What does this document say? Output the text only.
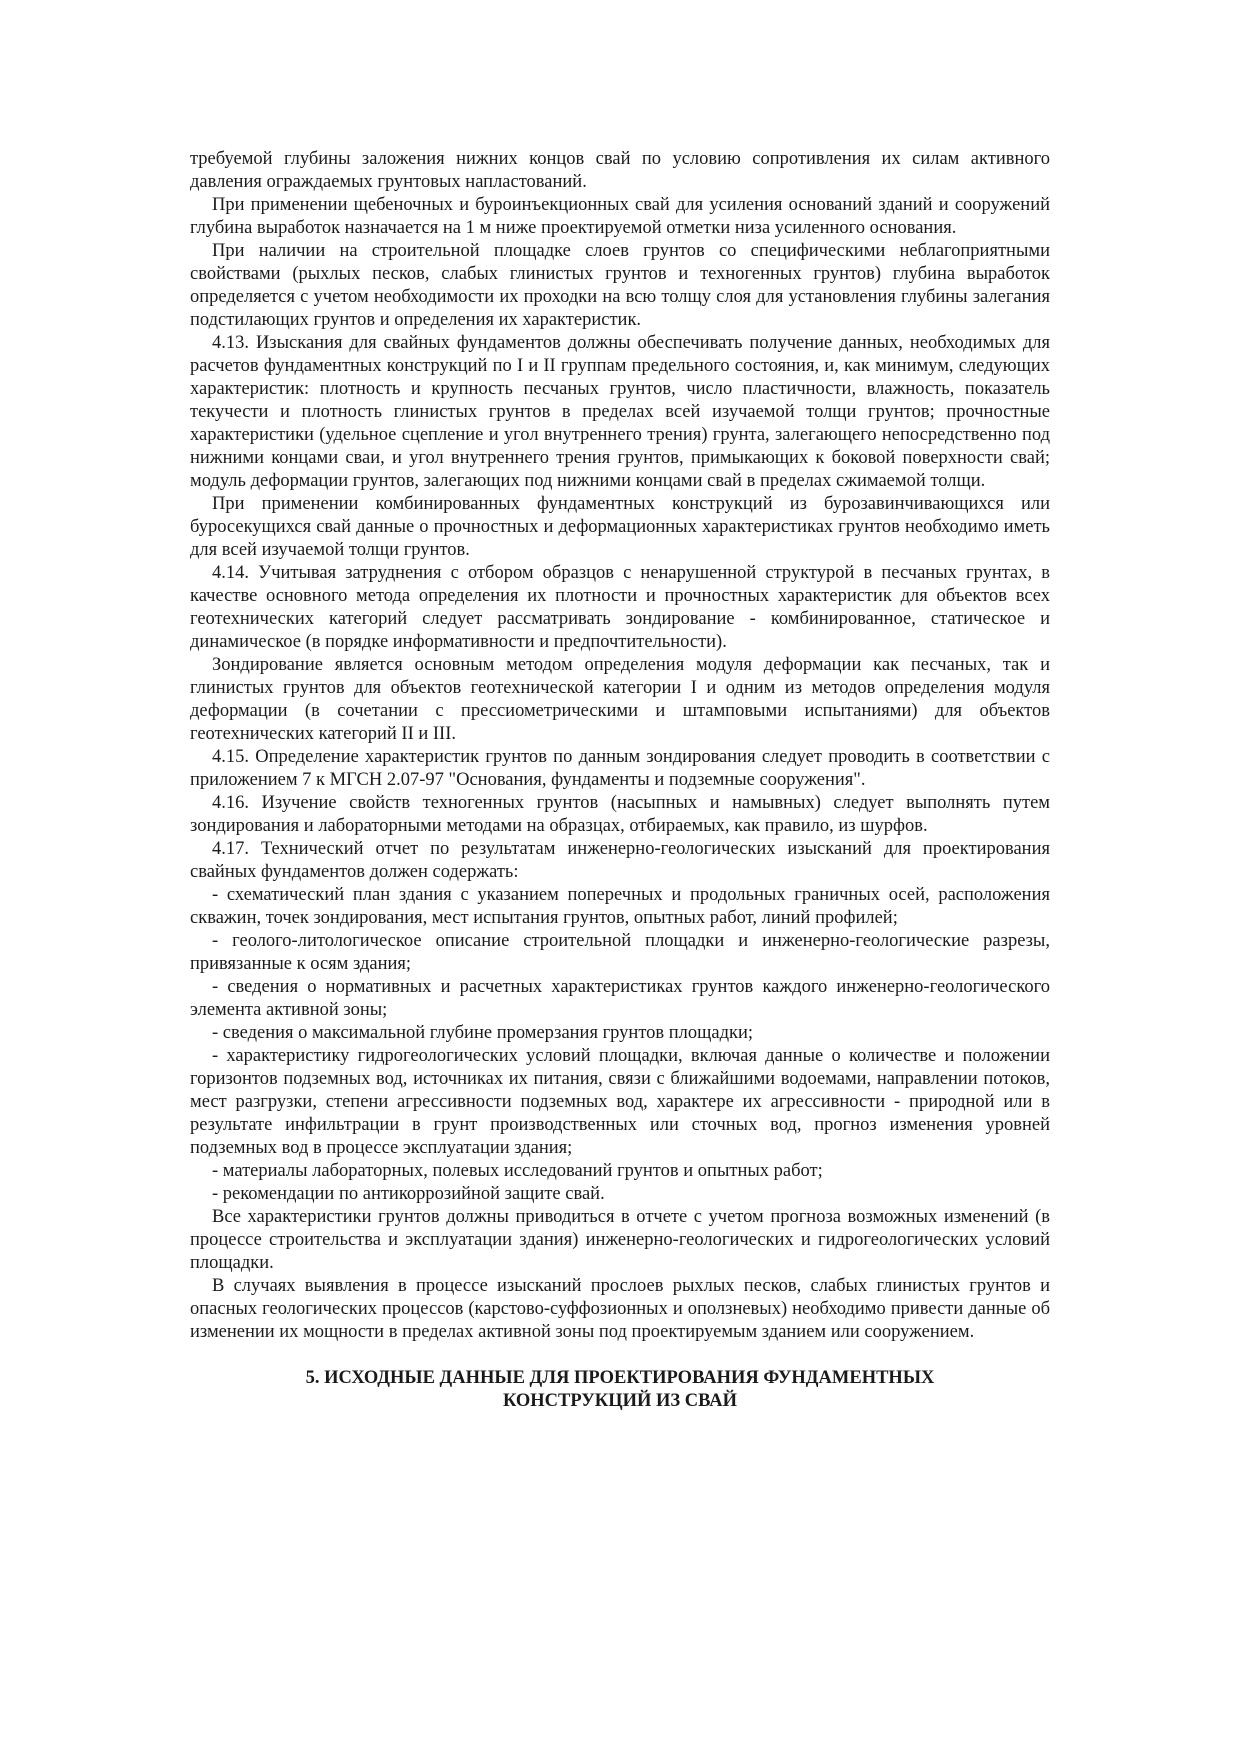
требуемой глубины заложения нижних концов свай по условию сопротивления их силам активного давления ограждаемых грунтовых напластований.

При применении щебеночных и буроинъекционных свай для усиления оснований зданий и сооружений глубина выработок назначается на 1 м ниже проектируемой отметки низа усиленного основания.

При наличии на строительной площадке слоев грунтов со специфическими неблагоприятными свойствами (рыхлых песков, слабых глинистых грунтов и техногенных грунтов) глубина выработок определяется с учетом необходимости их проходки на всю толщу слоя для установления глубины залегания подстилающих грунтов и определения их характеристик.

4.13. Изыскания для свайных фундаментов должны обеспечивать получение данных, необходимых для расчетов фундаментных конструкций по I и II группам предельного состояния, и, как минимум, следующих характеристик: плотность и крупность песчаных грунтов, число пластичности, влажность, показатель текучести и плотность глинистых грунтов в пределах всей изучаемой толщи грунтов; прочностные характеристики (удельное сцепление и угол внутреннего трения) грунта, залегающего непосредственно под нижними концами сваи, и угол внутреннего трения грунтов, примыкающих к боковой поверхности свай; модуль деформации грунтов, залегающих под нижними концами свай в пределах сжимаемой толщи.

При применении комбинированных фундаментных конструкций из бурозавинчивающихся или буросекущихся свай данные о прочностных и деформационных характеристиках грунтов необходимо иметь для всей изучаемой толщи грунтов.

4.14. Учитывая затруднения с отбором образцов с ненарушенной структурой в песчаных грунтах, в качестве основного метода определения их плотности и прочностных характеристик для объектов всех геотехнических категорий следует рассматривать зондирование - комбинированное, статическое и динамическое (в порядке информативности и предпочтительности).

Зондирование является основным методом определения модуля деформации как песчаных, так и глинистых грунтов для объектов геотехнической категории I и одним из методов определения модуля деформации (в сочетании с прессиометрическими и штамповыми испытаниями) для объектов геотехнических категорий II и III.

4.15. Определение характеристик грунтов по данным зондирования следует проводить в соответствии с приложением 7 к МГСН 2.07-97 "Основания, фундаменты и подземные сооружения".

4.16. Изучение свойств техногенных грунтов (насыпных и намывных) следует выполнять путем зондирования и лабораторными методами на образцах, отбираемых, как правило, из шурфов.

4.17. Технический отчет по результатам инженерно-геологических изысканий для проектирования свайных фундаментов должен содержать:

- схематический план здания с указанием поперечных и продольных граничных осей, расположения скважин, точек зондирования, мест испытания грунтов, опытных работ, линий профилей;

- геолого-литологическое описание строительной площадки и инженерно-геологические разрезы, привязанные к осям здания;

- сведения о нормативных и расчетных характеристиках грунтов каждого инженерно-геологического элемента активной зоны;

- сведения о максимальной глубине промерзания грунтов площадки;

- характеристику гидрогеологических условий площадки, включая данные о количестве и положении горизонтов подземных вод, источниках их питания, связи с ближайшими водоемами, направлении потоков, мест разгрузки, степени агрессивности подземных вод, характере их агрессивности - природной или в результате инфильтрации в грунт производственных или сточных вод, прогноз изменения уровней подземных вод в процессе эксплуатации здания;

- материалы лабораторных, полевых исследований грунтов и опытных работ;

- рекомендации по антикоррозийной защите свай.

Все характеристики грунтов должны приводиться в отчете с учетом прогноза возможных изменений (в процессе строительства и эксплуатации здания) инженерно-геологических и гидрогеологических условий площадки.

В случаях выявления в процессе изысканий прослоев рыхлых песков, слабых глинистых грунтов и опасных геологических процессов (карстово-суффозионных и оползневых) необходимо привести данные об изменении их мощности в пределах активной зоны под проектируемым зданием или сооружением.

5. ИСХОДНЫЕ ДАННЫЕ ДЛЯ ПРОЕКТИРОВАНИЯ ФУНДАМЕНТНЫХ
КОНСТРУКЦИЙ ИЗ СВАЙ
